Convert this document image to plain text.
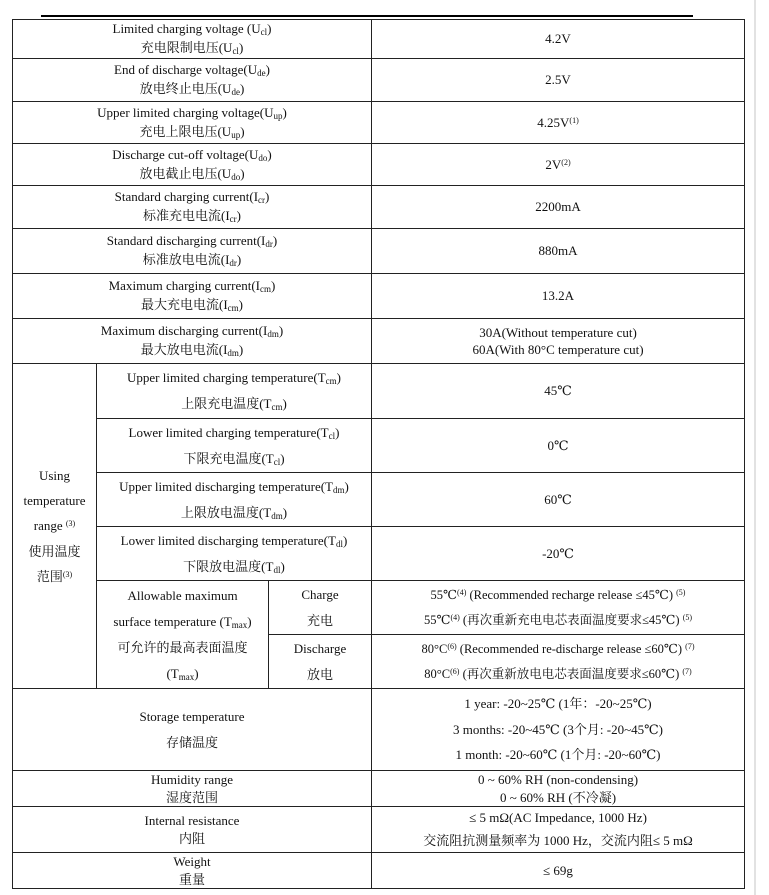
Limited charging voltage $(U_{cl})$
充电限制电压$(U_{cl})$			4.2V
End of discharge $voltage(U_{de})$
放电终止电压$(U_{de})$			2.5V
Upper limited charging $voltage(U_{up})$
充电上限电压$(U_{up})$			$4.25V^{(1)}$
Discharge cut-off $voltage(U_{do})$
放电截止电压$(U_{do})$			$2V^{(2)}$
Standard charging $current(I_{cr})$
标准充电电流$(I_{cr})$			2200mA
Standard discharging $current(I_{dr})$
标准放电电流$(I_{dr})$			880mA
Maximum charging $current(I_{cm})$
最大充电电流$(I_{cm})$			13.2A
Maximum discharging $current(I_{dm})$
最大放电电流$(I_{dm})$			30A(Without temperature cut)
60A(With 80°C temperature cut)
Using
temperature
range $^{(3)}$
使用温度
范围$^{(3)}$	Upper limited charging $temperature(T_{cm})$
上限充电温度$(T_{cm})$		45℃
	Lower limited charging $temperature(T_{cl})$
下限充电温度$(T_{cl})$		0℃
	Upper limited discharging $temperature(T_{dm})$
上限放电温度$(T_{dm})$		60℃
	Lower limited discharging $temperature(T_{dl})$
下限放电温度$(T_{dl})$		-20℃
	Allowable maximum
surface temperature $(T_{max})$
可允许的最高表面温度
$(T_{max})$	Charge
充电	55℃$^{(4)}$ (Recommended recharge release ≤45℃) $^{(5)}$
55℃$^{(4)}$ (再次重新充电电芯表面温度要求≤45℃) $^{(5)}$
		Discharge
放电	$80^\circ C^{(6)}$ (Recommended re-discharge release ≤60℃) $^{(7)}$
$80^\circ C^{(6)}$ (再次重新放电电芯表面温度要求≤60℃) $^{(7)}$
Storage temperature
存储温度			1 year: -20~25℃ (1年：-20~25℃)
3 months: -20~45℃ (3个月: -20~45℃)
1 month: -20~60℃ (1个月: -20~60℃)
Humidity range
湿度范围			0 ~ 60% RH (non-condensing)
0 ~ 60% RH (不冷凝)
Internal resistance
内阻			≤ 5 mΩ(AC Impedance, 1000 Hz)
交流阻抗测量频率为 1000 Hz，交流内阻≤ 5 mΩ
Weight
重量			≤ 69g
